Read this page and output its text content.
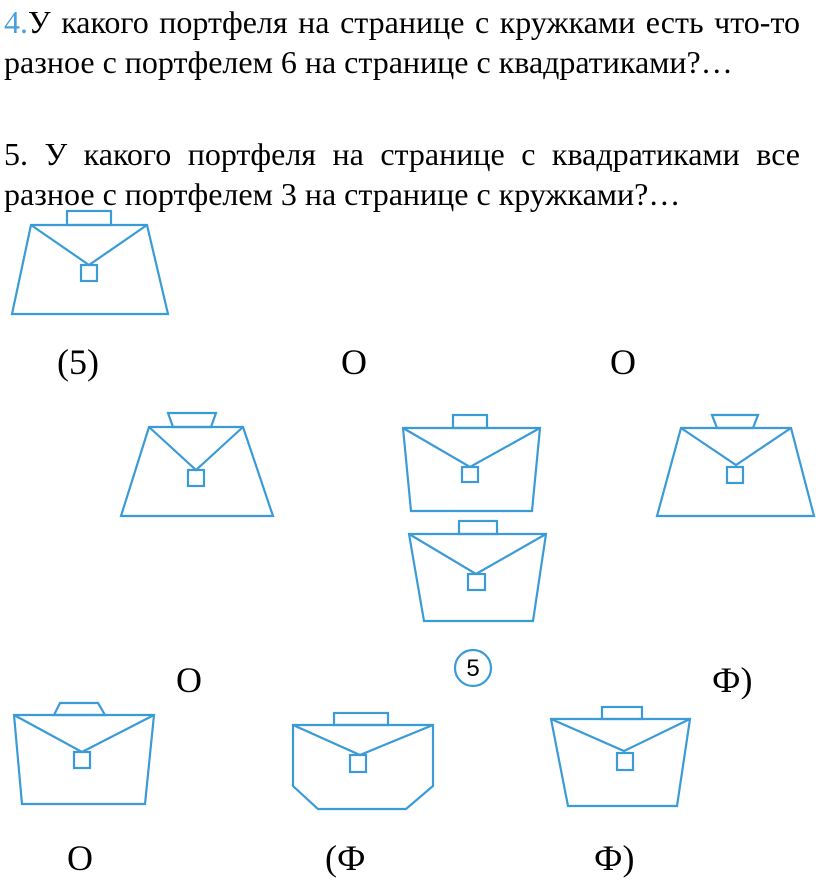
4.У какого портфеля на странице с кружками есть что-то разное с портфелем 6 на странице с квадратиками?…
5. У какого портфеля на странице с квадратиками все разное с портфелем 3 на странице с кружками?…
(5)	О	О
О	5	Ф)
О	(Ф	Ф)
